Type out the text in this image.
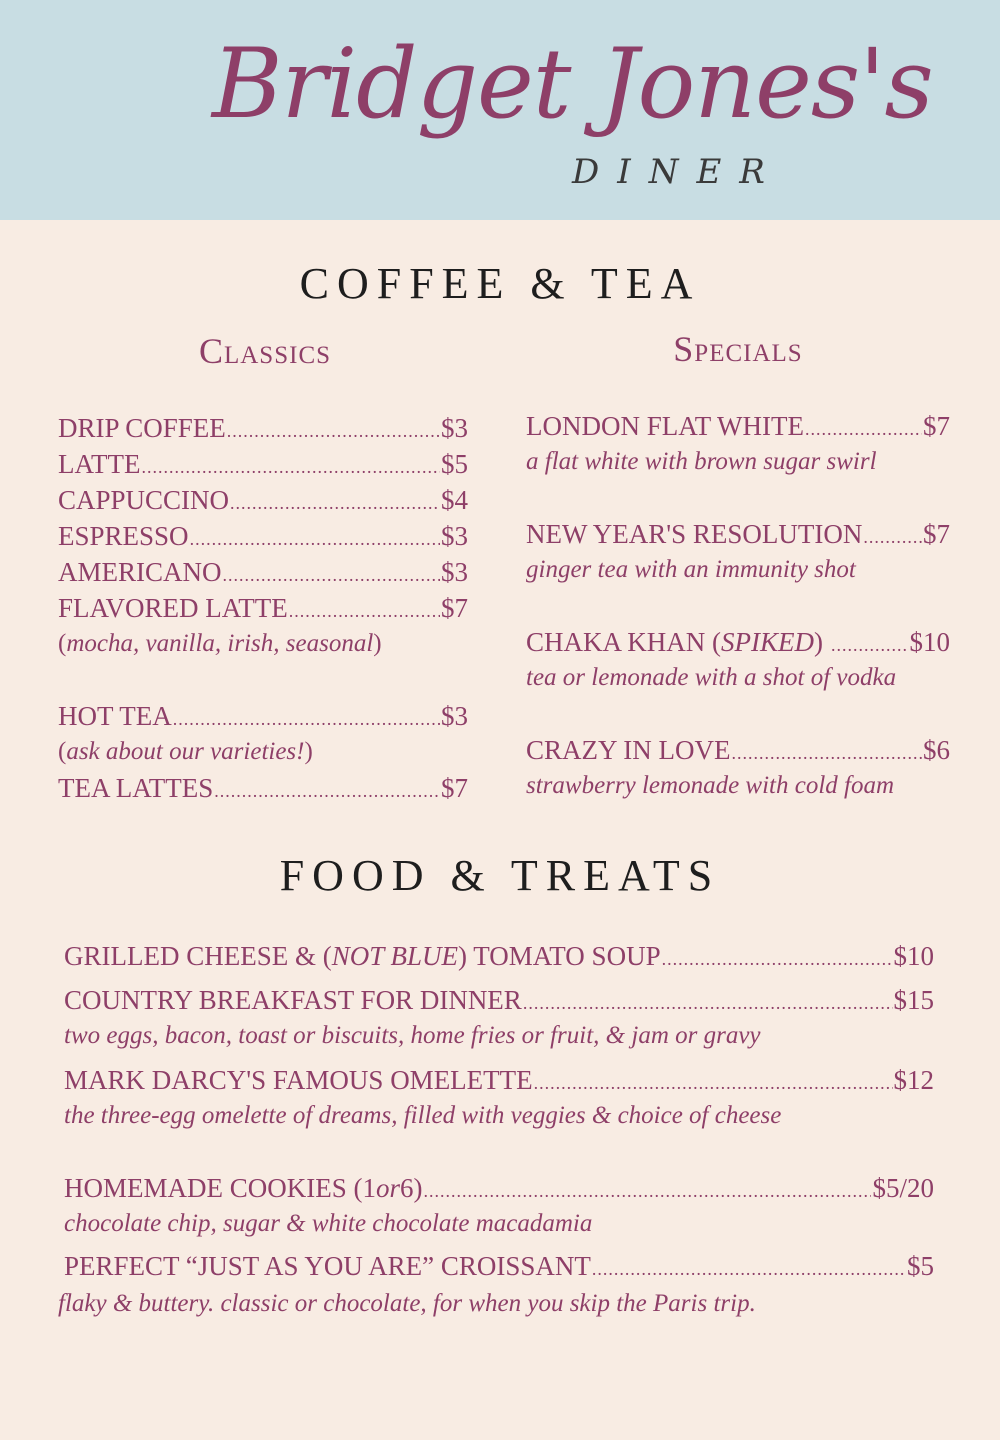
Bridget Jones's
DINER
COFFEE & TEA
Classics	Specials
DRIP COFFEE .....	$3
LATTE .....	$5
CAPPUCCINO .....	$4
ESPRESSO .....	$3
AMERICANO .....	$3
FLAVORED LATTE .....	$7
(mocha, vanilla, irish, seasonal)
HOT TEA .....	$3
(ask about our varieties!)
TEA LATTES .....	$7
LONDON FLAT WHITE .....	$7
a flat white with brown sugar swirl
NEW YEAR'S RESOLUTION ..... $7
ginger tea with an immunity shot
CHAKA KHAN ( SPIKED ) .....	$10
tea or lemonade with a shot of vodka
CRAZY IN LOVE .....	$6
strawberry lemonade with cold foam
FOOD & TREATS
GRILLED CHEESE & ( NOT BLUE ) TOMATO SOUP .....	$10
COUNTRY BREAKFAST FOR DINNER .....	$15
two eggs, bacon, toast or biscuits, home fries or fruit, & jam or gravy
MARK DARCY'S FAMOUS OMELETTE .....	$12
the three-egg omelette of dreams, filled with veggies & choice of cheese
HOMEMADE COOKIES (1 or 6) .....	$5/20
chocolate chip, sugar & white chocolate macadamia
PERFECT “JUST AS YOU ARE” CROISSANT .....	$5
flaky & buttery. classic or chocolate, for when you skip the Paris trip.
